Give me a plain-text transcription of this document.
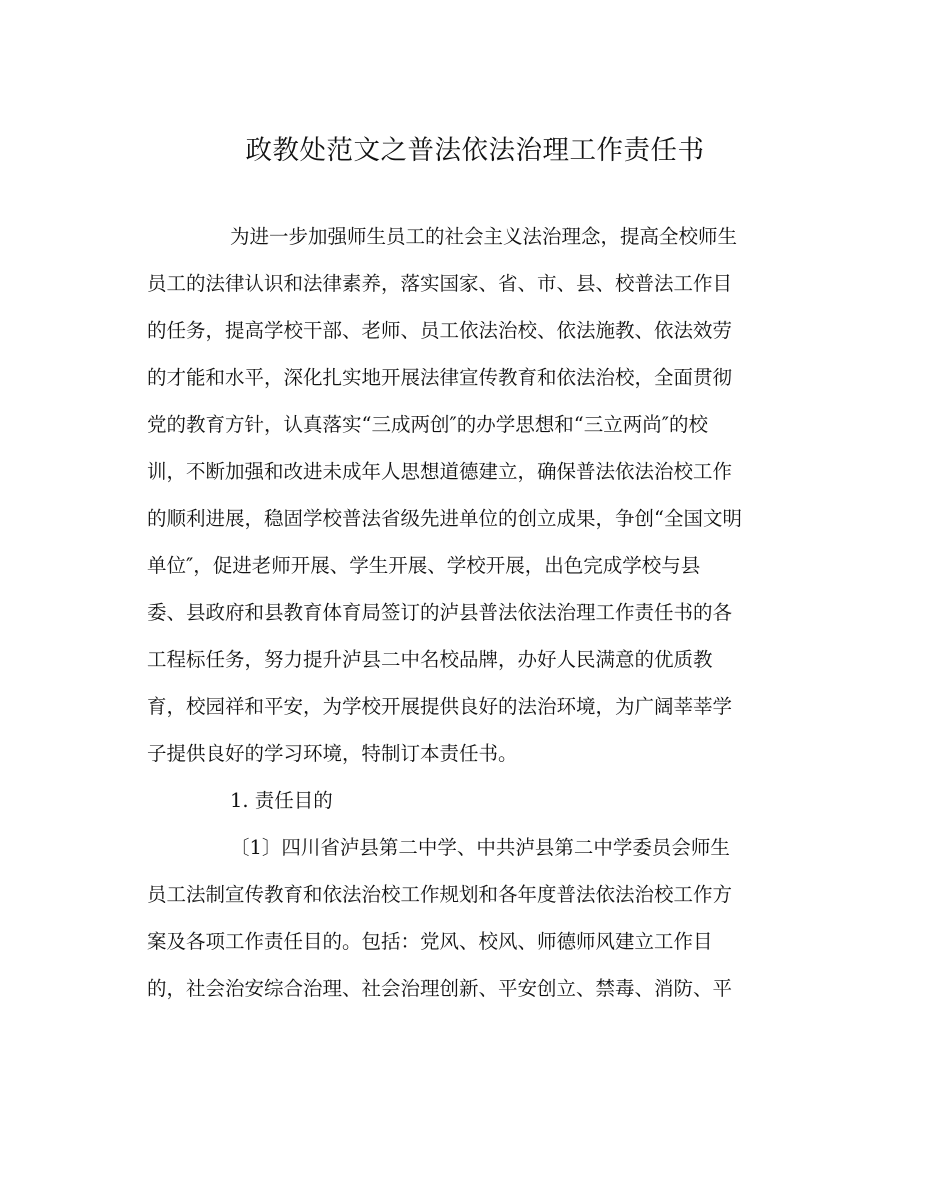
政教处范文之普法依法治理工作责任书

为进一步加强师生员工的社会主义法治理念，提高全校师生

员工的法律认识和法律素养，落实国家、省、市、县、校普法工作目

的任务，提高学校干部、老师、员工依法治校、依法施教、依法效劳

的才能和水平，深化扎实地开展法律宣传教育和依法治校，全面贯彻

党的教育方针，认真落实“三成两创″的办学思想和“三立两尚″的校

训，不断加强和改进未成年人思想道德建立，确保普法依法治校工作

的顺利进展，稳固学校普法省级先进单位的创立成果，争创“全国文明

单位″，促进老师开展、学生开展、学校开展，出色完成学校与县

委、县政府和县教育体育局签订的泸县普法依法治理工作责任书的各

工程标任务，努力提升泸县二中名校品牌，办好人民满意的优质教

育，校园祥和平安，为学校开展提供良好的法治环境，为广阔莘莘学

子提供良好的学习环境，特制订本责任书。

1. 责任目的

〔1〕四川省泸县第二中学、中共泸县第二中学委员会师生

员工法制宣传教育和依法治校工作规划和各年度普法依法治校工作方

案及各项工作责任目的。包括：党风、校风、师德师风建立工作目

的，社会治安综合治理、社会治理创新、平安创立、禁毒、消防、平
